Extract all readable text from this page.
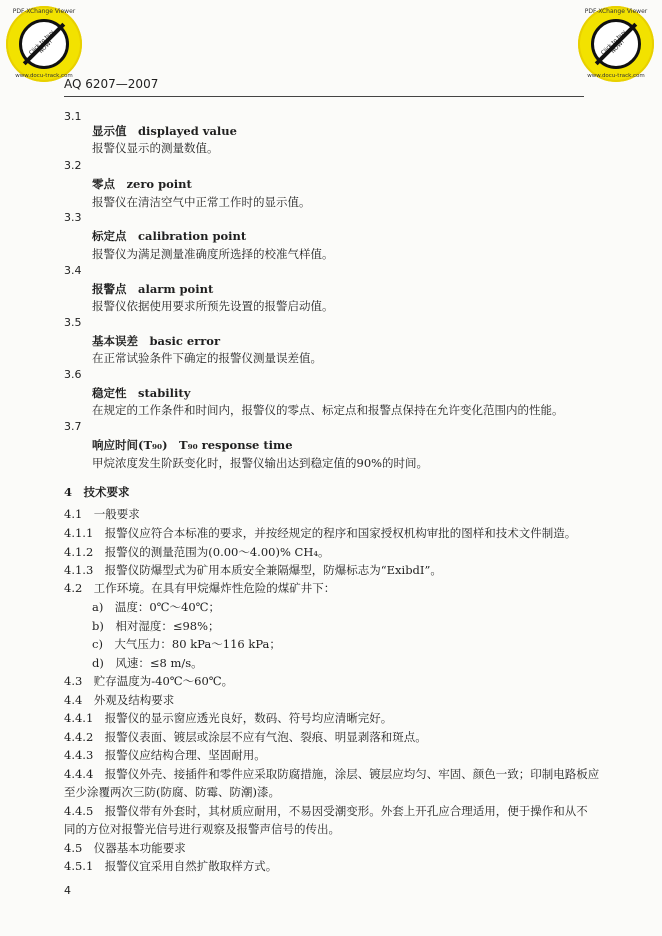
PDF-XChange Viewer
Click to buy NOW!
www.docu-track.com
PDF-XChange Viewer
Click to buy NOW!
www.docu-track.com
AQ 6207—2007
3.1
显示值　displayed value
报警仪显示的测量数值。
3.2
零点　zero point
报警仪在清洁空气中正常工作时的显示值。
3.3
标定点　calibration point
报警仪为满足测量准确度所选择的校准气样值。
3.4
报警点　alarm point
报警仪依据使用要求所预先设置的报警启动值。
3.5
基本误差　basic error
在正常试验条件下确定的报警仪测量误差值。
3.6
稳定性　stability
在规定的工作条件和时间内，报警仪的零点、标定点和报警点保持在允许变化范围内的性能。
3.7
响应时间(T₉₀)　T₉₀ response time
甲烷浓度发生阶跃变化时，报警仪输出达到稳定值的90%的时间。
4　技术要求
4.1　一般要求
4.1.1　报警仪应符合本标准的要求，并按经规定的程序和国家授权机构审批的图样和技术文件制造。
4.1.2　报警仪的测量范围为(0.00～4.00)% CH₄。
4.1.3　报警仪防爆型式为矿用本质安全兼隔爆型，防爆标志为“ExibdI”。
4.2　工作环境。在具有甲烷爆炸性危险的煤矿井下：
a)　温度：0℃～40℃；
b)　相对湿度：≤98%；
c)　大气压力：80 kPa～116 kPa；
d)　风速：≤8 m/s。
4.3　贮存温度为-40℃～60℃。
4.4　外观及结构要求
4.4.1　报警仪的显示窗应透光良好，数码、符号均应清晰完好。
4.4.2　报警仪表面、镀层或涂层不应有气泡、裂痕、明显剥落和斑点。
4.4.3　报警仪应结构合理、坚固耐用。
4.4.4　报警仪外壳、接插件和零件应采取防腐措施，涂层、镀层应均匀、牢固、颜色一致；印制电路板应
至少涂覆两次三防(防腐、防霉、防潮)漆。
4.4.5　报警仪带有外套时，其材质应耐用，不易因受潮变形。外套上开孔应合理适用，便于操作和从不
同的方位对报警光信号进行观察及报警声信号的传出。
4.5　仪器基本功能要求
4.5.1　报警仪宜采用自然扩散取样方式。
4
